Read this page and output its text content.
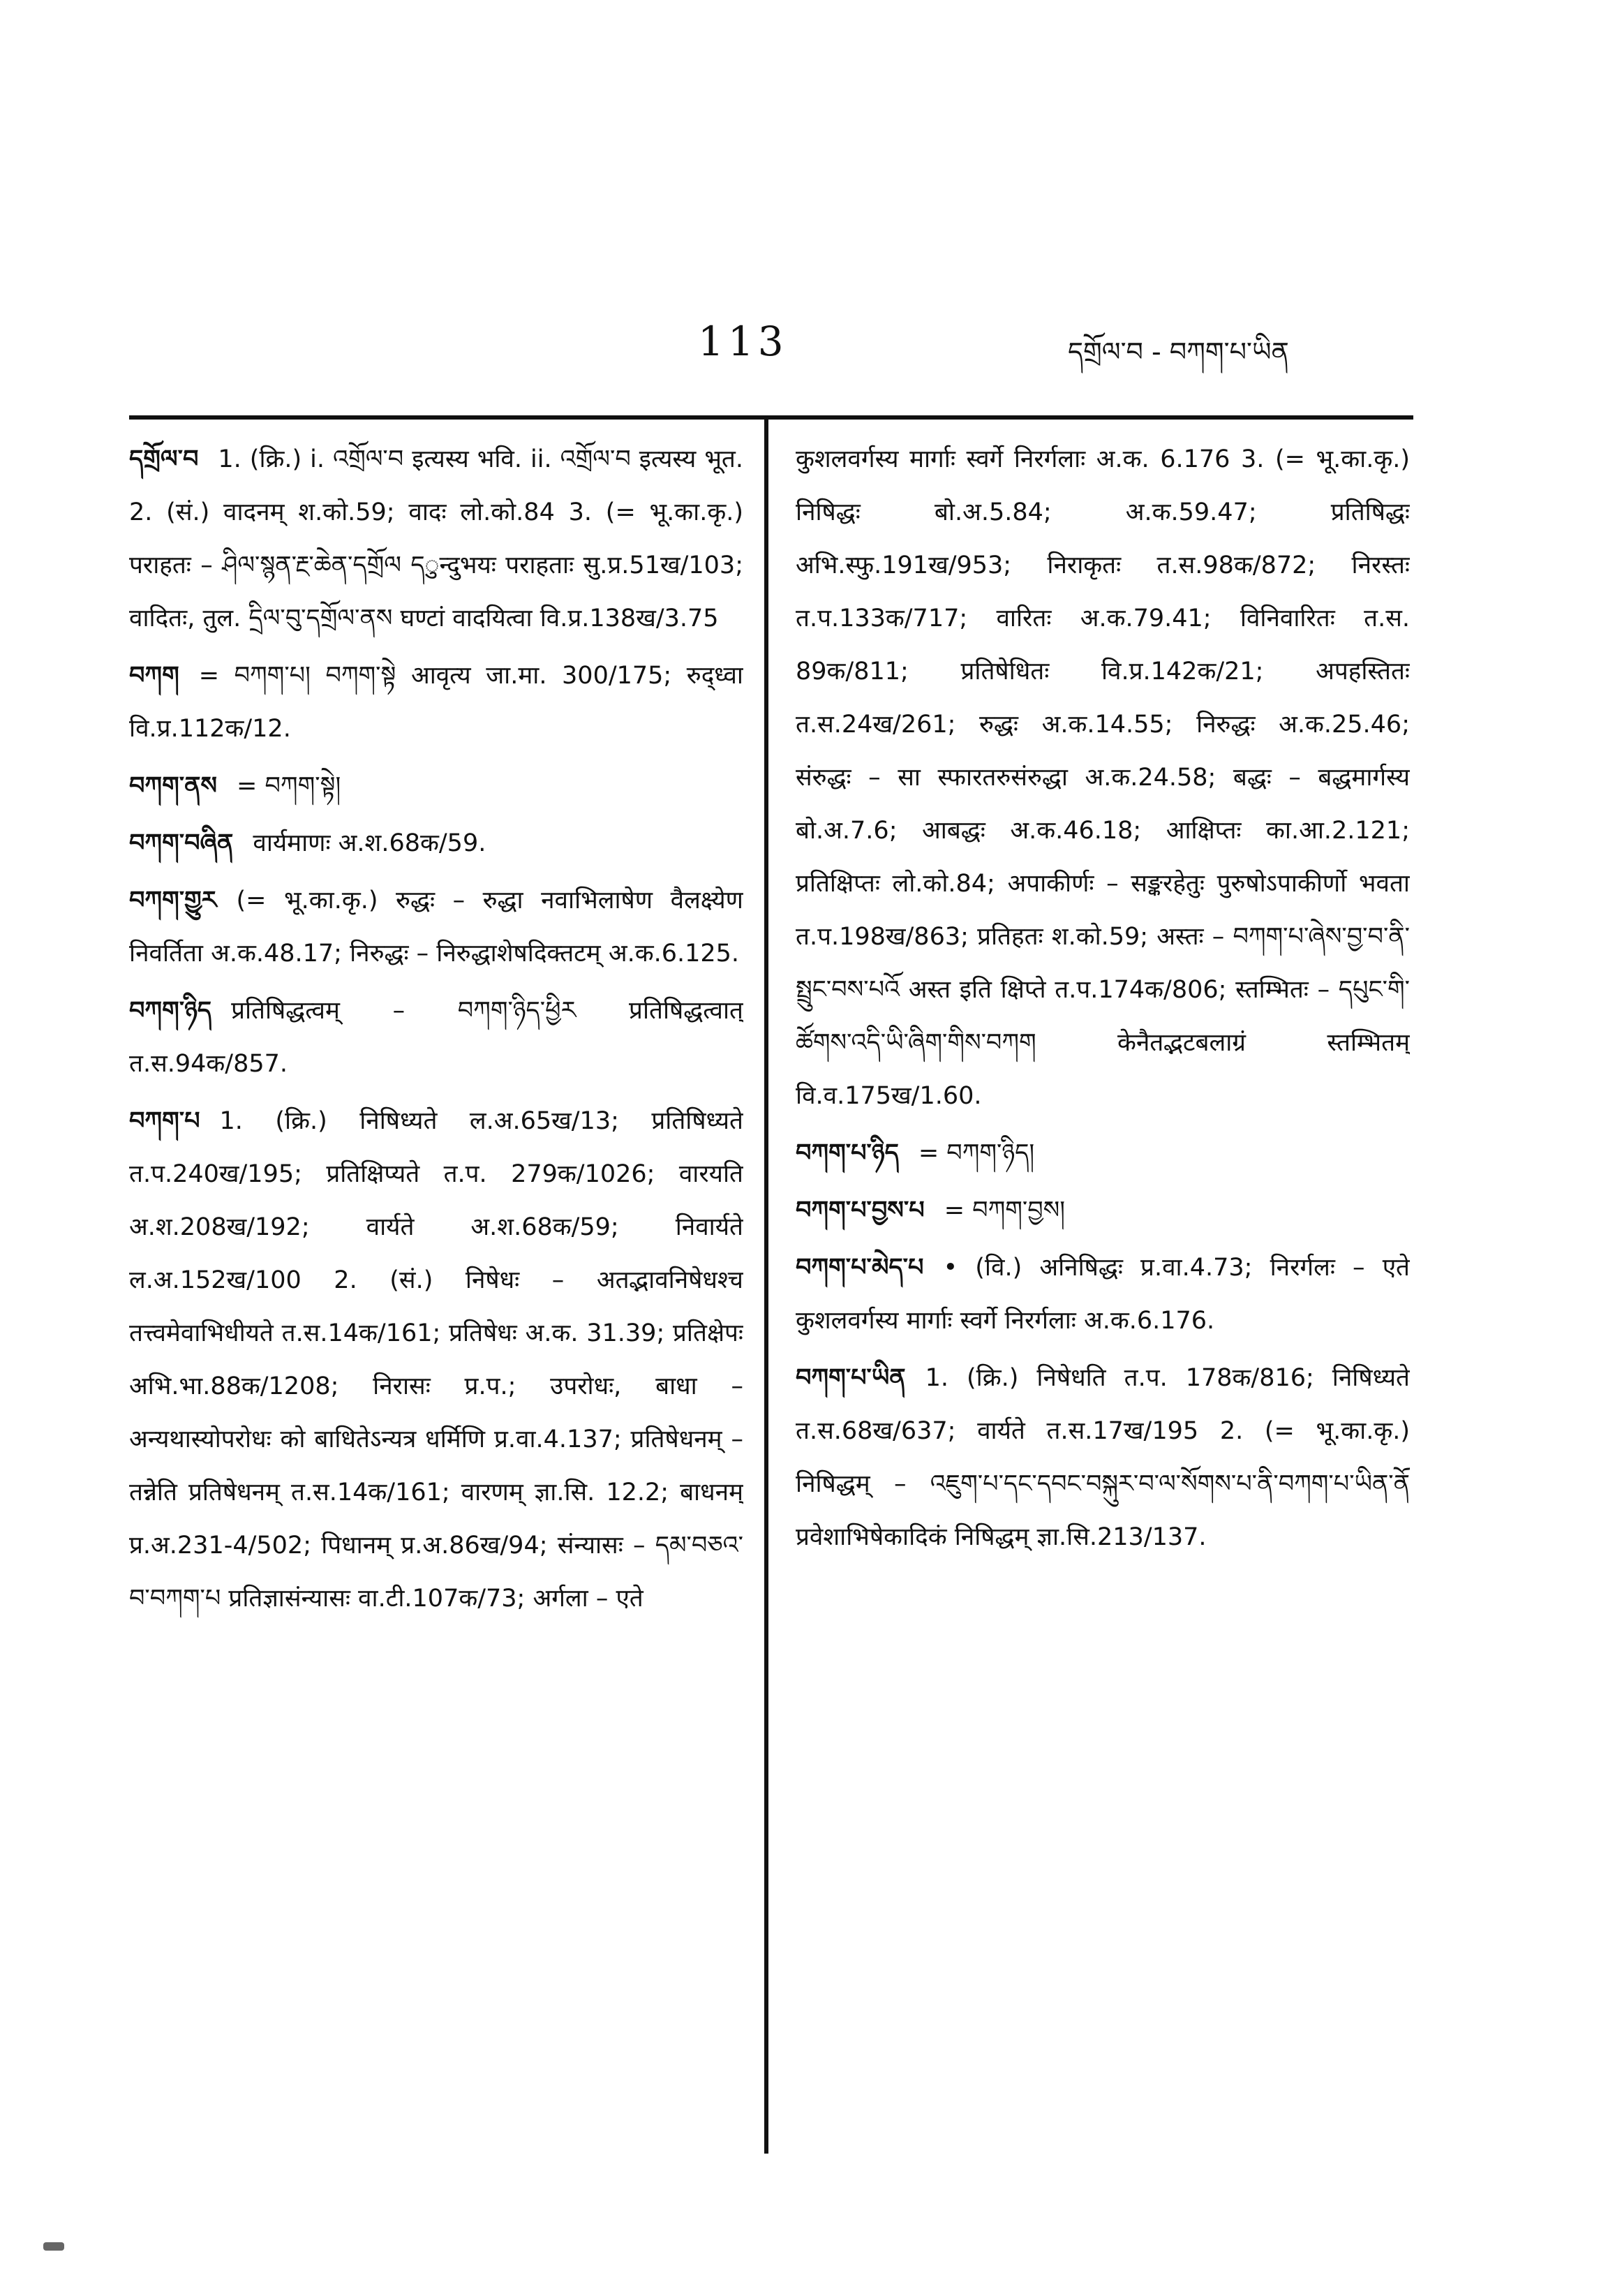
113	དགྲོལ་བ - བཀག་པ་ཡིན

དགྲོལ་བ 1. (क्रि.) i. འགྲོལ་བ इत्यस्य भवि. ii. འགྲོལ་བ इत्यस्य भूत. 2. (सं.) वादनम् श.को.59; वादः लो.को.84 3. (= भू.का.कृ.) पराहतः – ཤིལ་སྙན་རྔ་ཆེན་དགྲོལ དुन्दुभयः पराहताः सु.प्र.51ख/103; वादितः, तुल. དྲིལ་བུ་དགྲོལ་ནས घण्टां वादयित्वा वि.प्र.138ख/3.75

བཀག = བཀག་པ། བཀག་སྟེ आवृत्य जा.मा. 300/175; रुद्ध्वा वि.प्र.112क/12.

བཀག་ནས = བཀག་སྟེ།

བཀག་བཞིན वार्यमाणः अ.श.68क/59.

བཀག་གྱུར (= भू.का.कृ.) रुद्धः – रुद्धा नवाभिलाषेण वैलक्ष्येण निवर्तिता अ.क.48.17; निरुद्धः – निरुद्धाशेषदिक्तटम् अ.क.6.125.

བཀག་ཉིད प्रतिषिद्धत्वम् – བཀག་ཉིད་ཕྱིར प्रतिषिद्धत्वात् त.स.94क/857.

བཀག་པ 1. (क्रि.) निषिध्यते ल.अ.65ख/13; प्रतिषिध्यते त.प.240ख/195; प्रतिक्षिप्यते त.प. 279क/1026; वारयति अ.श.208ख/192; वार्यते अ.श.68क/59; निवार्यते ल.अ.152ख/100 2. (सं.) निषेधः – अतद्भावनिषेधश्च तत्त्वमेवाभिधीयते त.स.14क/161; प्रतिषेधः अ.क. 31.39; प्रतिक्षेपः अभि.भा.88क/1208; निरासः प्र.प.; उपरोधः, बाधा – अन्यथास्योपरोधः को बाधितेऽन्यत्र धर्मिणि प्र.वा.4.137; प्रतिषेधनम् – तन्नेति प्रतिषेधनम् त.स.14क/161; वारणम् ज्ञा.सि. 12.2; बाधनम् प्र.अ.231-4/502; पिधानम् प्र.अ.86ख/94; संन्यासः – དམ་བཅའ་བ་བཀག་པ प्रतिज्ञासंन्यासः वा.टी.107क/73; अर्गला – एते

कुशलवर्गस्य मार्गाः स्वर्गे निरर्गलाः अ.क. 6.176 3. (= भू.का.कृ.) निषिद्धः बो.अ.5.84; अ.क.59.47; प्रतिषिद्धः अभि.स्फु.191ख/953; निराकृतः त.स.98क/872; निरस्तः त.प.133क/717; वारितः अ.क.79.41; विनिवारितः त.स. 89क/811; प्रतिषेधितः वि.प्र.142क/21; अपहस्तितः त.स.24ख/261; रुद्धः अ.क.14.55; निरुद्धः अ.क.25.46; संरुद्धः – सा स्फारतरुसंरुद्धा अ.क.24.58; बद्धः – बद्धमार्गस्य बो.अ.7.6; आबद्धः अ.क.46.18; आक्षिप्तः का.आ.2.121; प्रतिक्षिप्तः लो.को.84; अपाकीर्णः – सङ्करहेतुः पुरुषोऽपाकीर्णो भवता त.प.198ख/863; प्रतिहतः श.को.59; अस्तः – བཀག་པ་ཞེས་བྱ་བ་ནི་སྤྲུང་བས་པའོ अस्त इति क्षिप्ते त.प.174क/806; स्तम्भितः – དཔུང་གི་ཚོགས་འདི་ཡི་ཞིག་གིས་བཀག केनैतद्भटबलाग्रं स्तम्भितम् वि.व.175ख/1.60.

བཀག་པ་ཉིད = བཀག་ཉིད།

བཀག་པ་བྱས་པ = བཀག་བྱས།

བཀག་པ་མེད་པ • (वि.) अनिषिद्धः प्र.वा.4.73; निरर्गलः – एते कुशलवर्गस्य मार्गाः स्वर्गे निरर्गलाः अ.क.6.176.

བཀག་པ་ཡིན 1. (क्रि.) निषेधति त.प. 178क/816; निषिध्यते त.स.68ख/637; वार्यते त.स.17ख/195 2. (= भू.का.कृ.) निषिद्धम् – འཇུག་པ་དང་དབང་བསྐུར་བ་ལ་སོགས་པ་ནི་བཀག་པ་ཡིན་ནོ प्रवेशाभिषेकादिकं निषिद्धम् ज्ञा.सि.213/137.
